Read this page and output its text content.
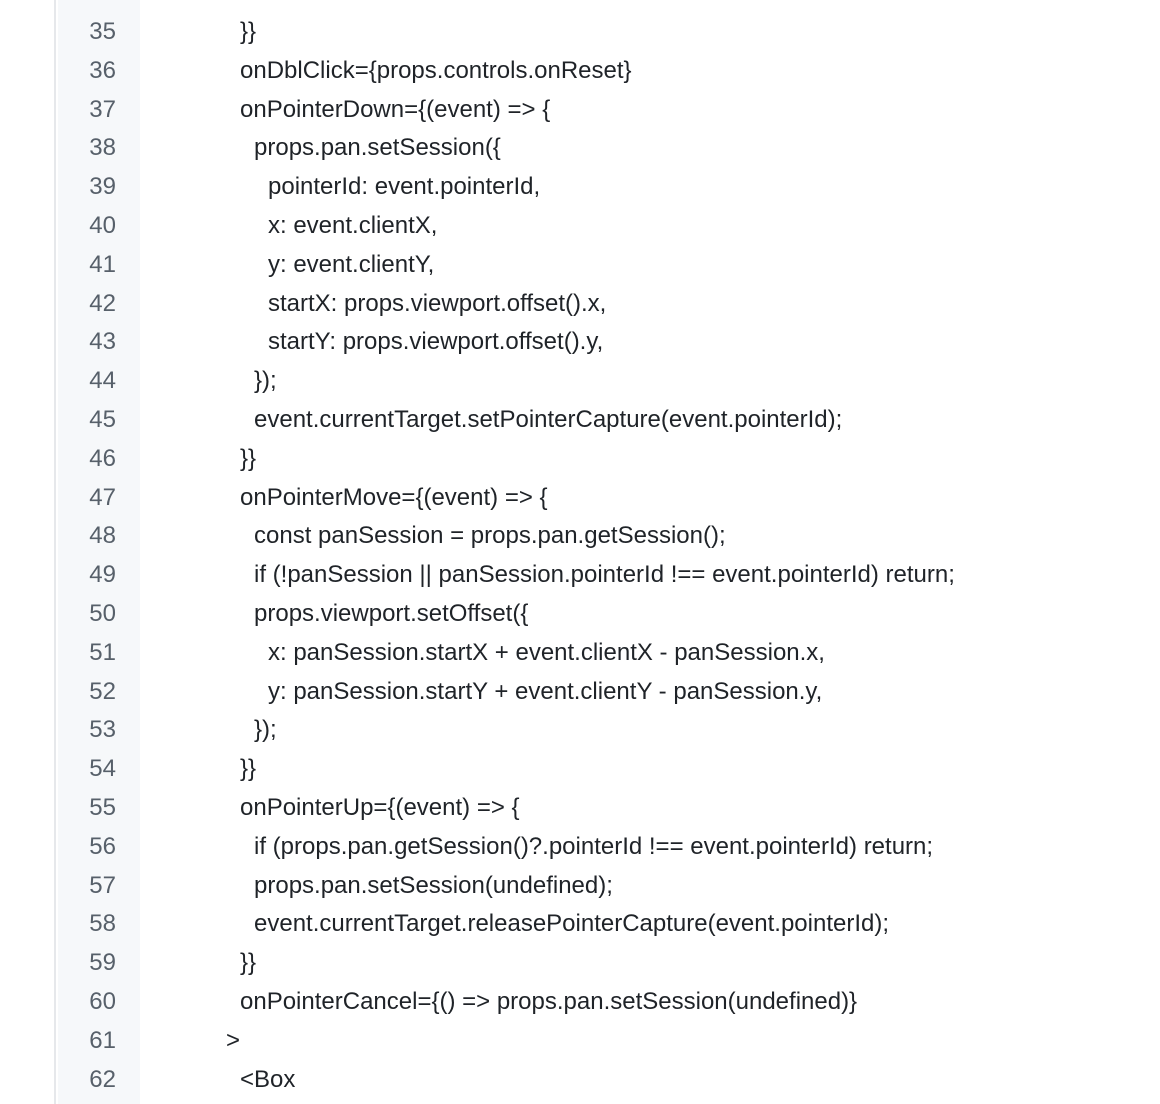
35	}}
36	onDblClick={props.controls.onReset}
37	onPointerDown={(event) => {
38	props.pan.setSession({
39	pointerId: event.pointerId,
40	x: event.clientX,
41	y: event.clientY,
42	startX: props.viewport.offset().x,
43	startY: props.viewport.offset().y,
44	});
45	event.currentTarget.setPointerCapture(event.pointerId);
46	}}
47	onPointerMove={(event) => {
48	const panSession = props.pan.getSession();
49	if (!panSession || panSession.pointerId !== event.pointerId) return;
50	props.viewport.setOffset({
51	x: panSession.startX + event.clientX - panSession.x,
52	y: panSession.startY + event.clientY - panSession.y,
53	});
54	}}
55	onPointerUp={(event) => {
56	if (props.pan.getSession()?.pointerId !== event.pointerId) return;
57	props.pan.setSession(undefined);
58	event.currentTarget.releasePointerCapture(event.pointerId);
59	}}
60	onPointerCancel={() => props.pan.setSession(undefined)}
61	>
62	<Box
